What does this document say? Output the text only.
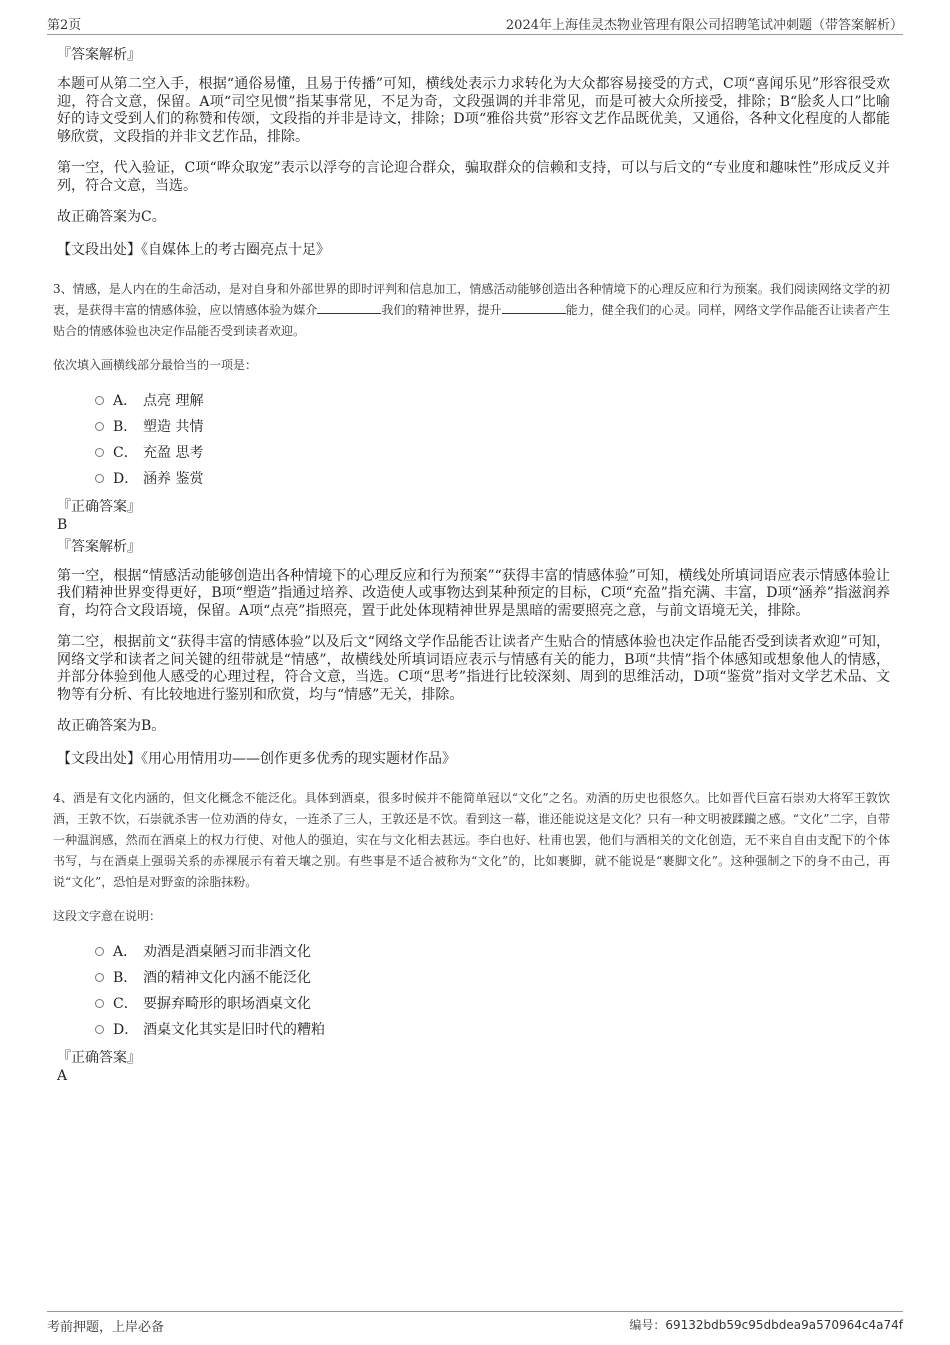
第2页	2024年上海佳灵杰物业管理有限公司招聘笔试冲刺题（带答案解析）
『答案解析』

本题可从第二空入手，根据“通俗易懂，且易于传播”可知，横线处表示力求转化为大众都容易接受的方式，C项“喜闻乐见”形容很受欢迎，符合文意，保留。A项“司空见惯”指某事常见，不足为奇，文段强调的并非常见，而是可被大众所接受，排除；B“脍炙人口”比喻好的诗文受到人们的称赞和传颂，文段指的并非是诗文，排除；D项“雅俗共赏”形容文艺作品既优美，又通俗，各种文化程度的人都能够欣赏，文段指的并非文艺作品，排除。

第一空，代入验证，C项“哗众取宠”表示以浮夸的言论迎合群众，骗取群众的信赖和支持，可以与后文的“专业度和趣味性”形成反义并列，符合文意，当选。

故正确答案为C。

【文段出处】《自媒体上的考古圈亮点十足》

3、情感，是人内在的生命活动，是对自身和外部世界的即时评判和信息加工，情感活动能够创造出各种情境下的心理反应和行为预案。我们阅读网络文学的初衷，是获得丰富的情感体验，应以情感体验为媒介	我们的精神世界，提升	能力，健全我们的心灵。同样，网络文学作品能否让读者产生贴合的情感体验也决定作品能否受到读者欢迎。

依次填入画横线部分最恰当的一项是：
A． 点亮 理解
B． 塑造 共情
C． 充盈 思考
D． 涵养 鉴赏
『正确答案』
B
『答案解析』

第一空，根据“情感活动能够创造出各种情境下的心理反应和行为预案”“获得丰富的情感体验”可知，横线处所填词语应表示情感体验让我们精神世界变得更好，B项“塑造”指通过培养、改造使人或事物达到某种预定的目标，C项“充盈”指充满、丰富，D项“涵养”指滋润养育，均符合文段语境，保留。A项“点亮”指照亮，置于此处体现精神世界是黑暗的需要照亮之意，与前文语境无关，排除。

第二空，根据前文“获得丰富的情感体验”以及后文“网络文学作品能否让读者产生贴合的情感体验也决定作品能否受到读者欢迎”可知，网络文学和读者之间关键的纽带就是“情感”，故横线处所填词语应表示与情感有关的能力，B项“共情”指个体感知或想象他人的情感，并部分体验到他人感受的心理过程，符合文意，当选。C项“思考”指进行比较深刻、周到的思维活动，D项“鉴赏”指对文学艺术品、文物等有分析、有比较地进行鉴别和欣赏，均与“情感”无关，排除。

故正确答案为B。

【文段出处】《用心用情用功——创作更多优秀的现实题材作品》

4、酒是有文化内涵的，但文化概念不能泛化。具体到酒桌，很多时候并不能简单冠以“文化”之名。劝酒的历史也很悠久。比如晋代巨富石崇劝大将军王敦饮酒，王敦不饮，石崇就杀害一位劝酒的侍女，一连杀了三人，王敦还是不饮。看到这一幕，谁还能说这是文化？只有一种文明被蹂躏之感。“文化”二字，自带一种温润感，然而在酒桌上的权力行使、对他人的强迫，实在与文化相去甚远。李白也好、杜甫也罢，他们与酒相关的文化创造，无不来自自由支配下的个体书写，与在酒桌上强弱关系的赤裸展示有着天壤之别。有些事是不适合被称为“文化”的，比如裹脚，就不能说是“裹脚文化”。这种强制之下的身不由己，再说“文化”，恐怕是对野蛮的涂脂抹粉。

这段文字意在说明：
A． 劝酒是酒桌陋习而非酒文化
B． 酒的精神文化内涵不能泛化
C． 要摒弃畸形的职场酒桌文化
D． 酒桌文化其实是旧时代的糟粕
『正确答案』
A
考前押题，上岸必备	编号：69132bdb59c95dbdea9a570964c4a74f
